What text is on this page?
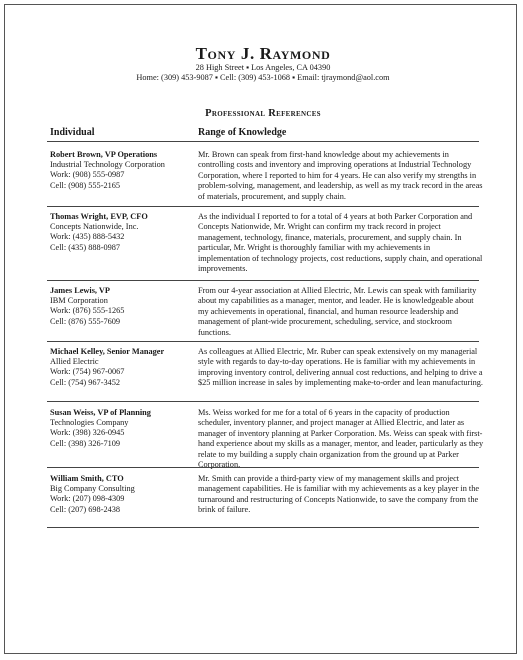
Tony J. Raymond
28 High Street ▪ Los Angeles, CA 04390
Home: (309) 453-9087 ▪ Cell: (309) 453-1068 ▪ Email: tjraymond@aol.com
Professional References
Individual	Range of Knowledge
Robert Brown, VP Operations
Industrial Technology Corporation
Work: (908) 555-0987
Cell: (908) 555-2165
Mr. Brown can speak from first-hand knowledge about my achievements in controlling costs and inventory and improving operations at Industrial Technology Corporation, where I reported to him for 4 years. He can also verify my strengths in problem-solving, management, and leadership, as well as my track record in the areas of materials, procurement, and supply chain.
Thomas Wright, EVP, CFO
Concepts Nationwide, Inc.
Work: (435) 888-5432
Cell: (435) 888-0987
As the individual I reported to for a total of 4 years at both Parker Corporation and Concepts Nationwide, Mr. Wright can confirm my track record in project management, technology, finance, materials, procurement, and supply chain. In particular, Mr. Wright is thoroughly familiar with my achievements in implementation of technology projects, cost reductions, supply chain, and operational improvements.
James Lewis, VP
IBM Corporation
Work: (876) 555-1265
Cell: (876) 555-7609
From our 4-year association at Allied Electric, Mr. Lewis can speak with familiarity about my capabilities as a manager, mentor, and leader. He is knowledgeable about my achievements in operational, financial, and human resource leadership and management of plant-wide procurement, scheduling, service, and stockroom functions.
Michael Kelley, Senior Manager
Allied Electric
Work: (754) 967-0067
Cell: (754) 967-3452
As colleagues at Allied Electric, Mr. Ruber can speak extensively on my managerial style with regards to day-to-day operations. He is familiar with my achievements in improving inventory control, delivering annual cost reductions, and helping to drive a $25 million increase in sales by implementing make-to-order and lean manufacturing.
Susan Weiss, VP of Planning
Technologies Company
Work: (398) 326-0945
Cell: (398) 326-7109
Ms. Weiss worked for me for a total of 6 years in the capacity of production scheduler, inventory planner, and project manager at Allied Electric, and later as manager of inventory planning at Parker Corporation. Ms. Weiss can speak with first-hand experience about my skills as a manager, mentor, and leader, particularly as they relate to my building a supply chain organization from the ground up at Parker Corporation.
William Smith, CTO
Big Company Consulting
Work: (207) 098-4309
Cell: (207) 698-2438
Mr. Smith can provide a third-party view of my management skills and project management capabilities. He is familiar with my achievements as a key player in the turnaround and restructuring of Concepts Nationwide, to save the company from the brink of failure.
